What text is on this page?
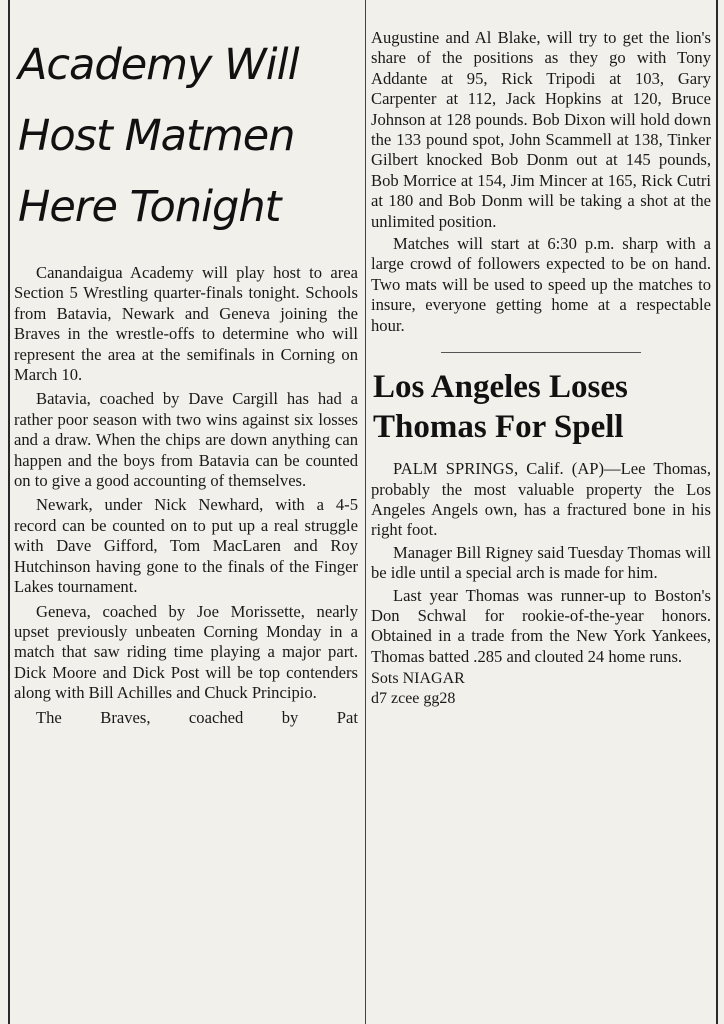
Academy Will
Host Matmen
Here Tonight

Canandaigua Academy will play host to area Section 5 Wrestling quarter-finals tonight. Schools from Batavia, Newark and Geneva joining the Braves in the wrestle-offs to determine who will represent the area at the semifinals in Corning on March 10.

Batavia, coached by Dave Cargill has had a rather poor season with two wins against six losses and a draw. When the chips are down anything can happen and the boys from Batavia can be counted on to give a good accounting of themselves.

Newark, under Nick Newhard, with a 4-5 record can be counted on to put up a real struggle with Dave Gifford, Tom MacLaren and Roy Hutchinson having gone to the finals of the Finger Lakes tournament.

Geneva, coached by Joe Morissette, nearly upset previously unbeaten Corning Monday in a match that saw riding time playing a major part. Dick Moore and Dick Post will be top contenders along with Bill Achilles and Chuck Principio.

The Braves, coached by Pat

Augustine and Al Blake, will try to get the lion's share of the positions as they go with Tony Addante at 95, Rick Tripodi at 103, Gary Carpenter at 112, Jack Hopkins at 120, Bruce Johnson at 128 pounds. Bob Dixon will hold down the 133 pound spot, John Scammell at 138, Tinker Gilbert knocked Bob Donm out at 145 pounds, Bob Morrice at 154, Jim Mincer at 165, Rick Cutri at 180 and Bob Donm will be taking a shot at the unlimited position.

Matches will start at 6:30 p.m. sharp with a large crowd of followers expected to be on hand. Two mats will be used to speed up the matches to insure, everyone getting home at a respectable hour.

Los Angeles Loses
Thomas For Spell

PALM SPRINGS, Calif. (AP)—Lee Thomas, probably the most valuable property the Los Angeles Angels own, has a fractured bone in his right foot.

Manager Bill Rigney said Tuesday Thomas will be idle until a special arch is made for him.

Last year Thomas was runner-up to Boston's Don Schwal for rookie-of-the-year honors. Obtained in a trade from the New York Yankees, Thomas batted .285 and clouted 24 home runs.

Sots NIAGAR
d7 zcee gg28
